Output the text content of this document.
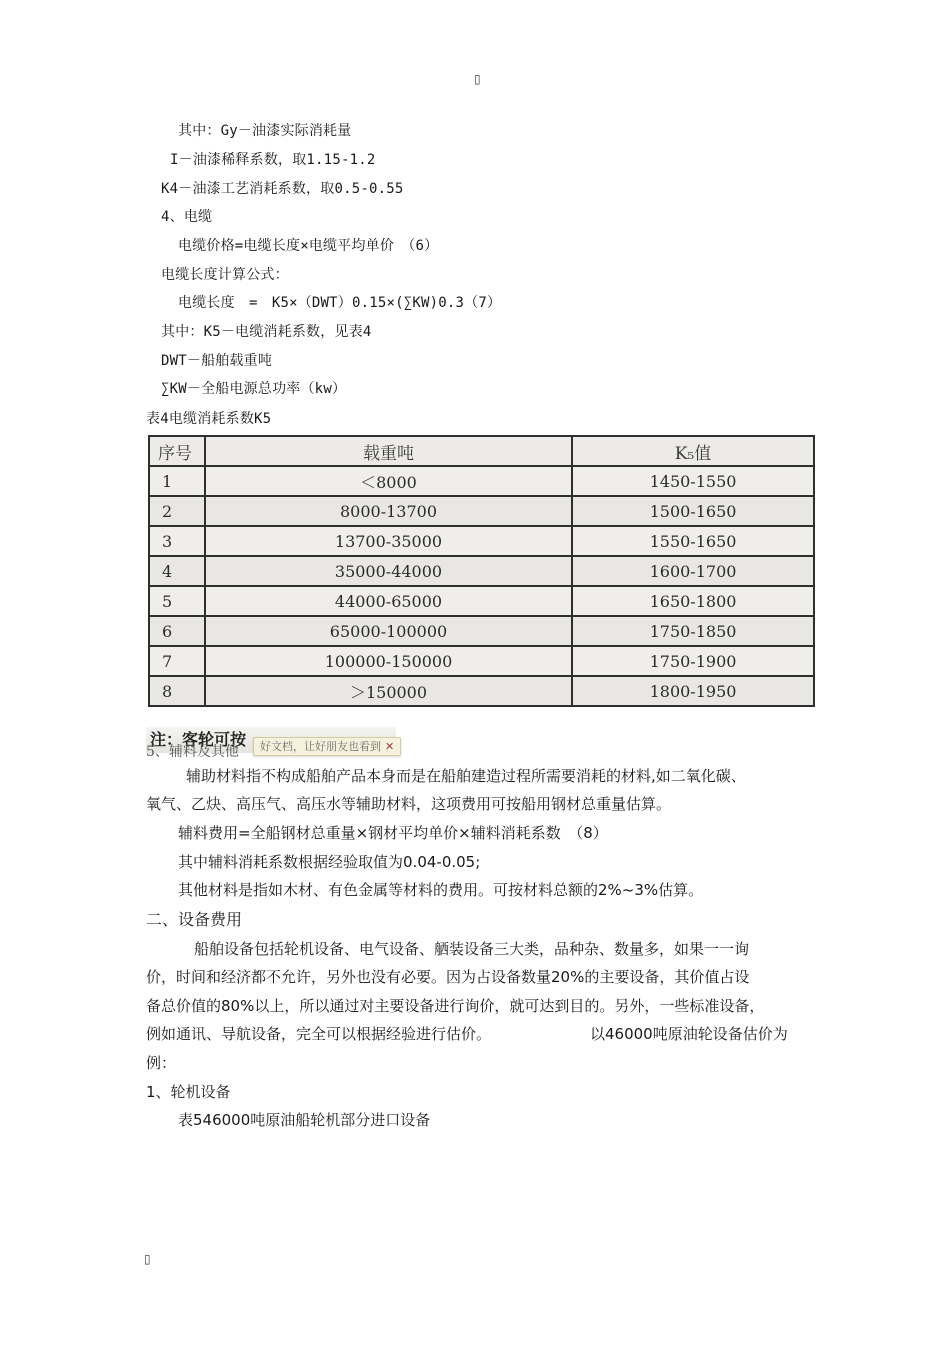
▯
其中：Gy－油漆实际消耗量
I－油漆稀释系数，取1.15-1.2
K4－油漆工艺消耗系数，取0.5-0.55
4、电缆
电缆价格=电缆长度×电缆平均单价　（6）
电缆长度计算公式：
电缆长度　=　K5×（DWT）0.15×(∑KW)0.3（7）
其中：K5－电缆消耗系数，见表4
DWT－船舶载重吨
∑KW－全船电源总功率（kw）
表4电缆消耗系数K5
序号	载重吨	K₅值
1	＜8000	1450-1550
2	8000-13700	1500-1650
3	13700-35000	1550-1650
4	35000-44000	1600-1700
5	44000-65000	1650-1800
6	65000-100000	1750-1850
7	100000-150000	1750-1900
8	＞150000	1800-1950
注：客轮可按	好文档，让好朋友也看到 ✕
5、辅料及其他
辅助材料指不构成船舶产品本身而是在船舶建造过程所需要消耗的材料,如二氧化碳、
氧气、乙炔、高压气、高压水等辅助材料，这项费用可按船用钢材总重量估算。
辅料费用=全船钢材总重量×钢材平均单价×辅料消耗系数　（8）
其中辅料消耗系数根据经验取值为0.04-0.05;
其他材料是指如木材、有色金属等材料的费用。可按材料总额的2%~3%估算。
二、设备费用
船舶设备包括轮机设备、电气设备、舾装设备三大类，品种杂、数量多，如果一一询
价，时间和经济都不允许，另外也没有必要。因为占设备数量20%的主要设备，其价值占设
备总价值的80%以上，所以通过对主要设备进行询价，就可达到目的。另外，一些标准设备，
例如通讯、导航设备，完全可以根据经验进行估价。	以46000吨原油轮设备估价为
例：
1、轮机设备
表546000吨原油船轮机部分进口设备
▯
